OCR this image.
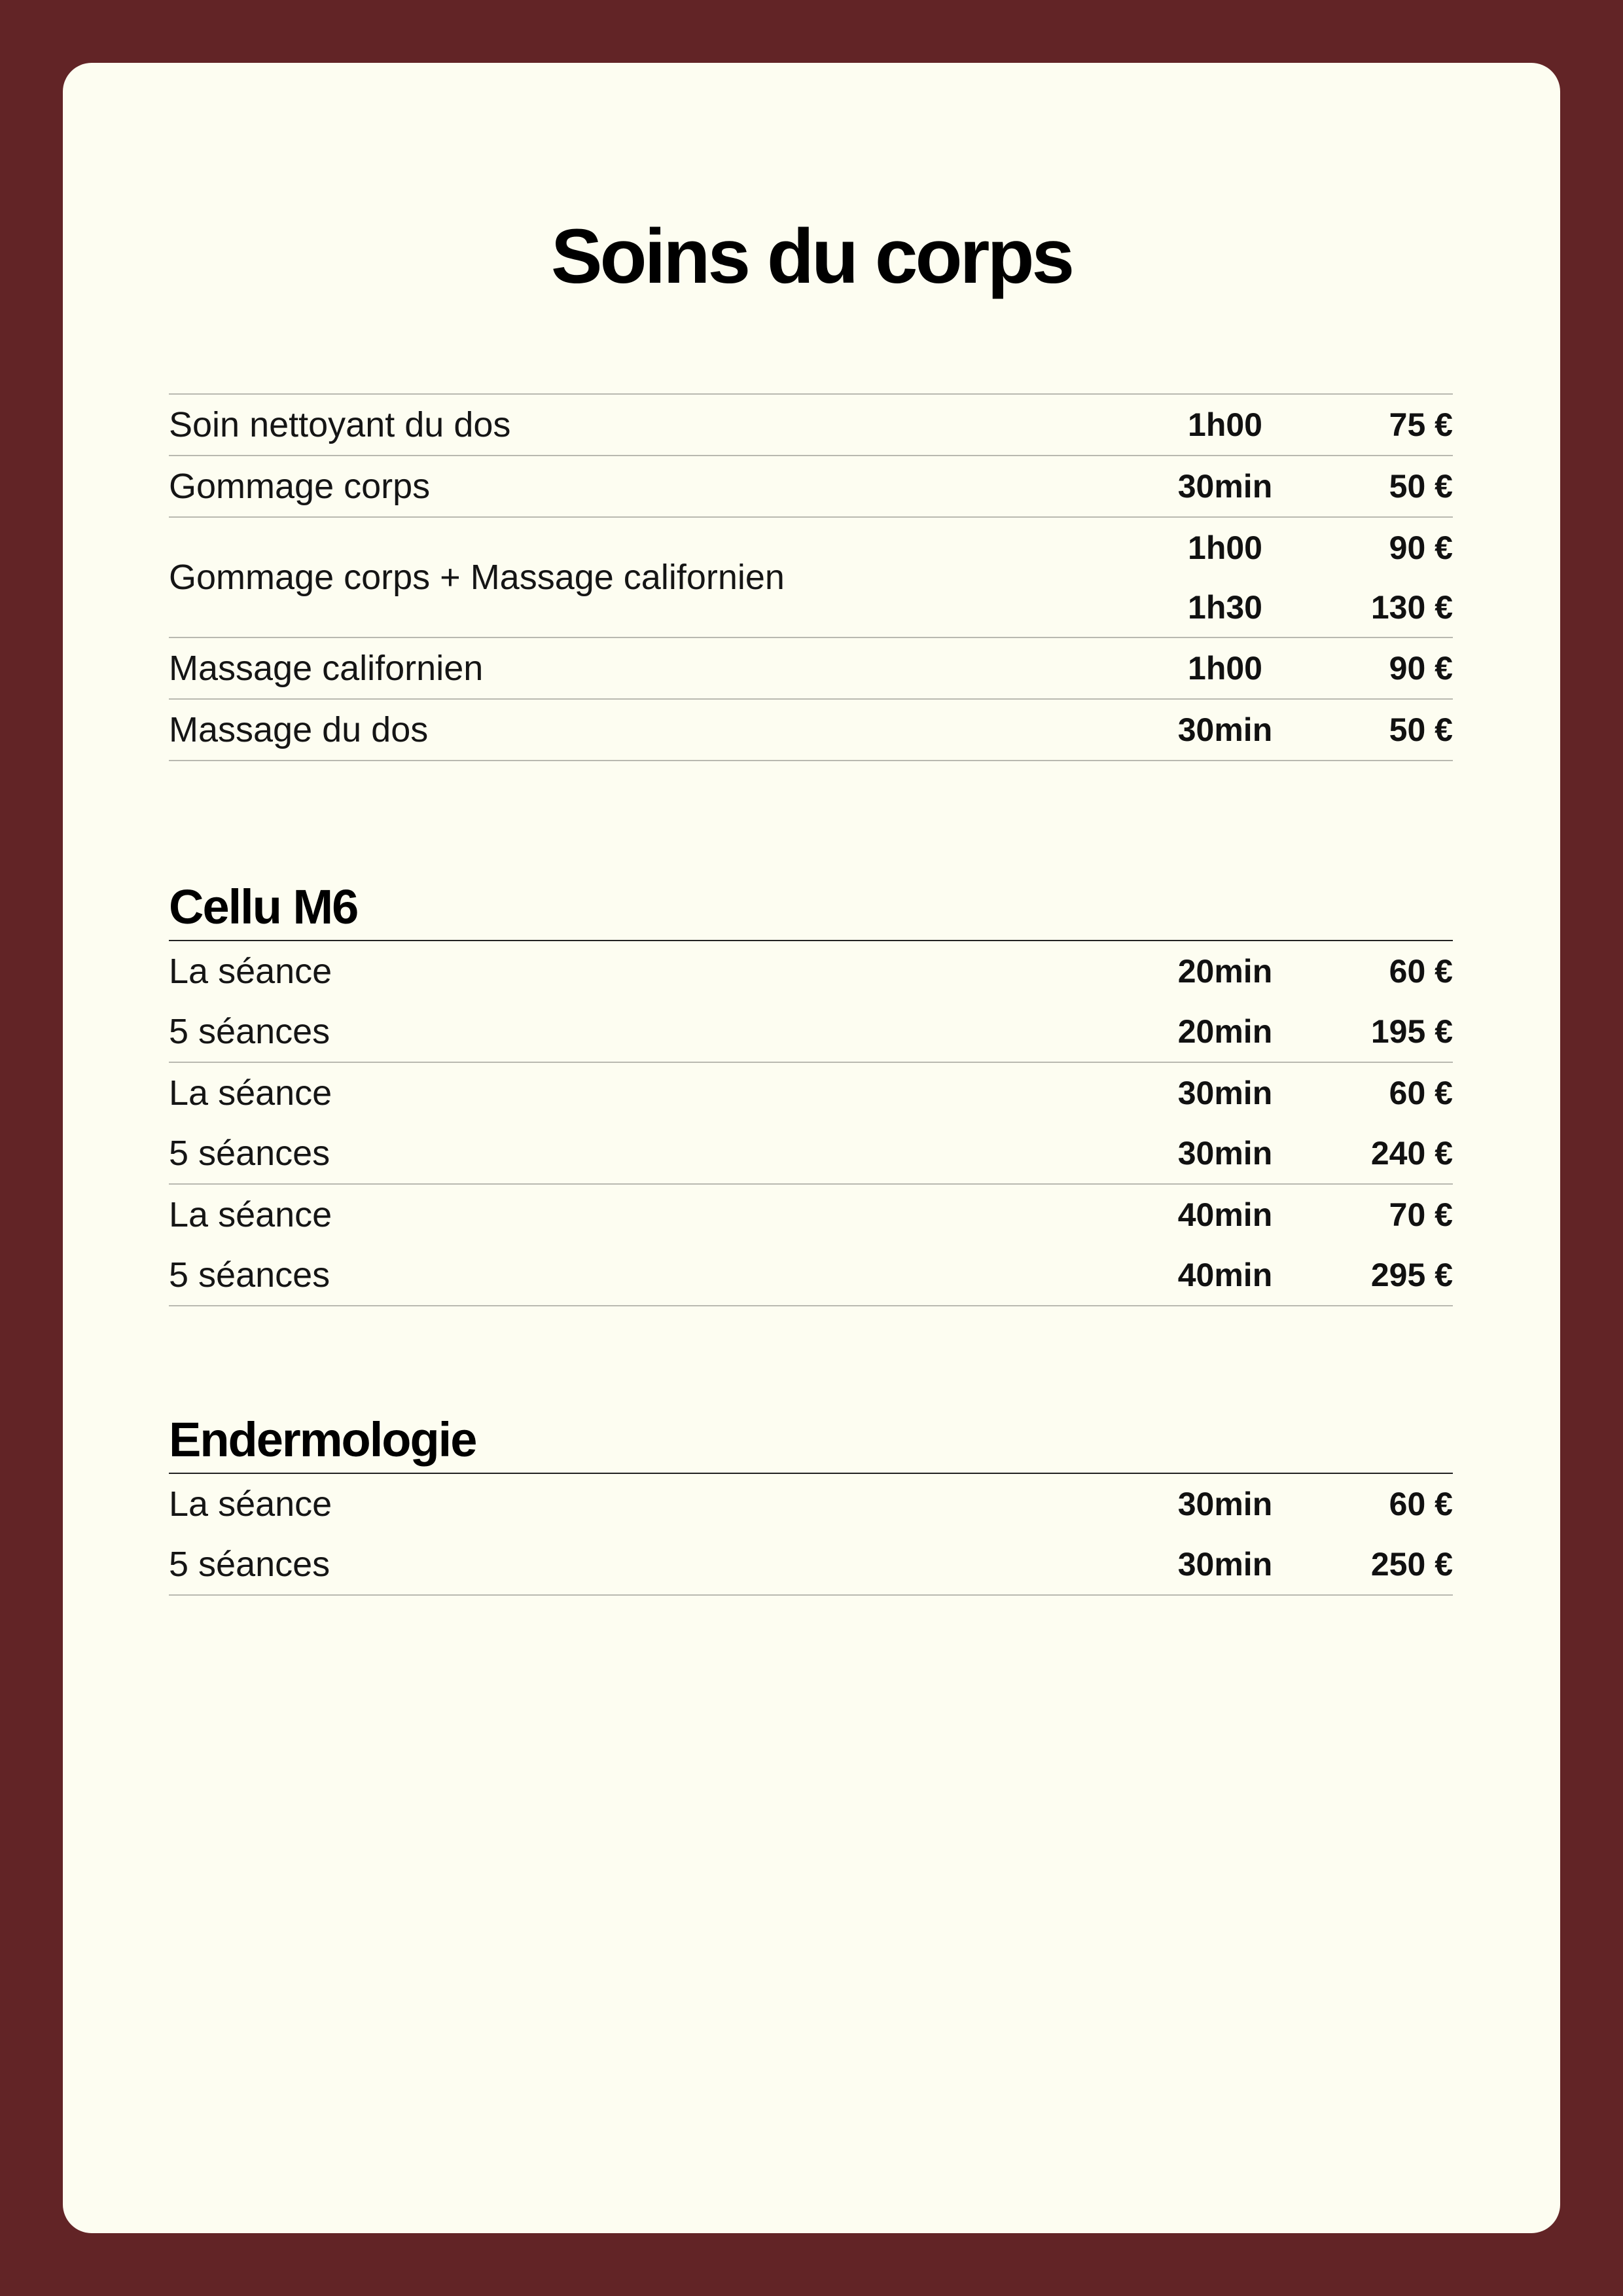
Soins du corps
Soin nettoyant du dos	1h00	75 €
Gommage corps	30min	50 €
Gommage corps + Massage californien
1h00	90 €
1h30	130 €
Massage californien	1h00	90 €
Massage du dos	30min	50 €
Cellu M6
La séance	20min	60 €
5 séances	20min	195 €
La séance	30min	60 €
5 séances	30min	240 €
La séance	40min	70 €
5 séances	40min	295 €
Endermologie
La séance	30min	60 €
5 séances	30min	250 €
